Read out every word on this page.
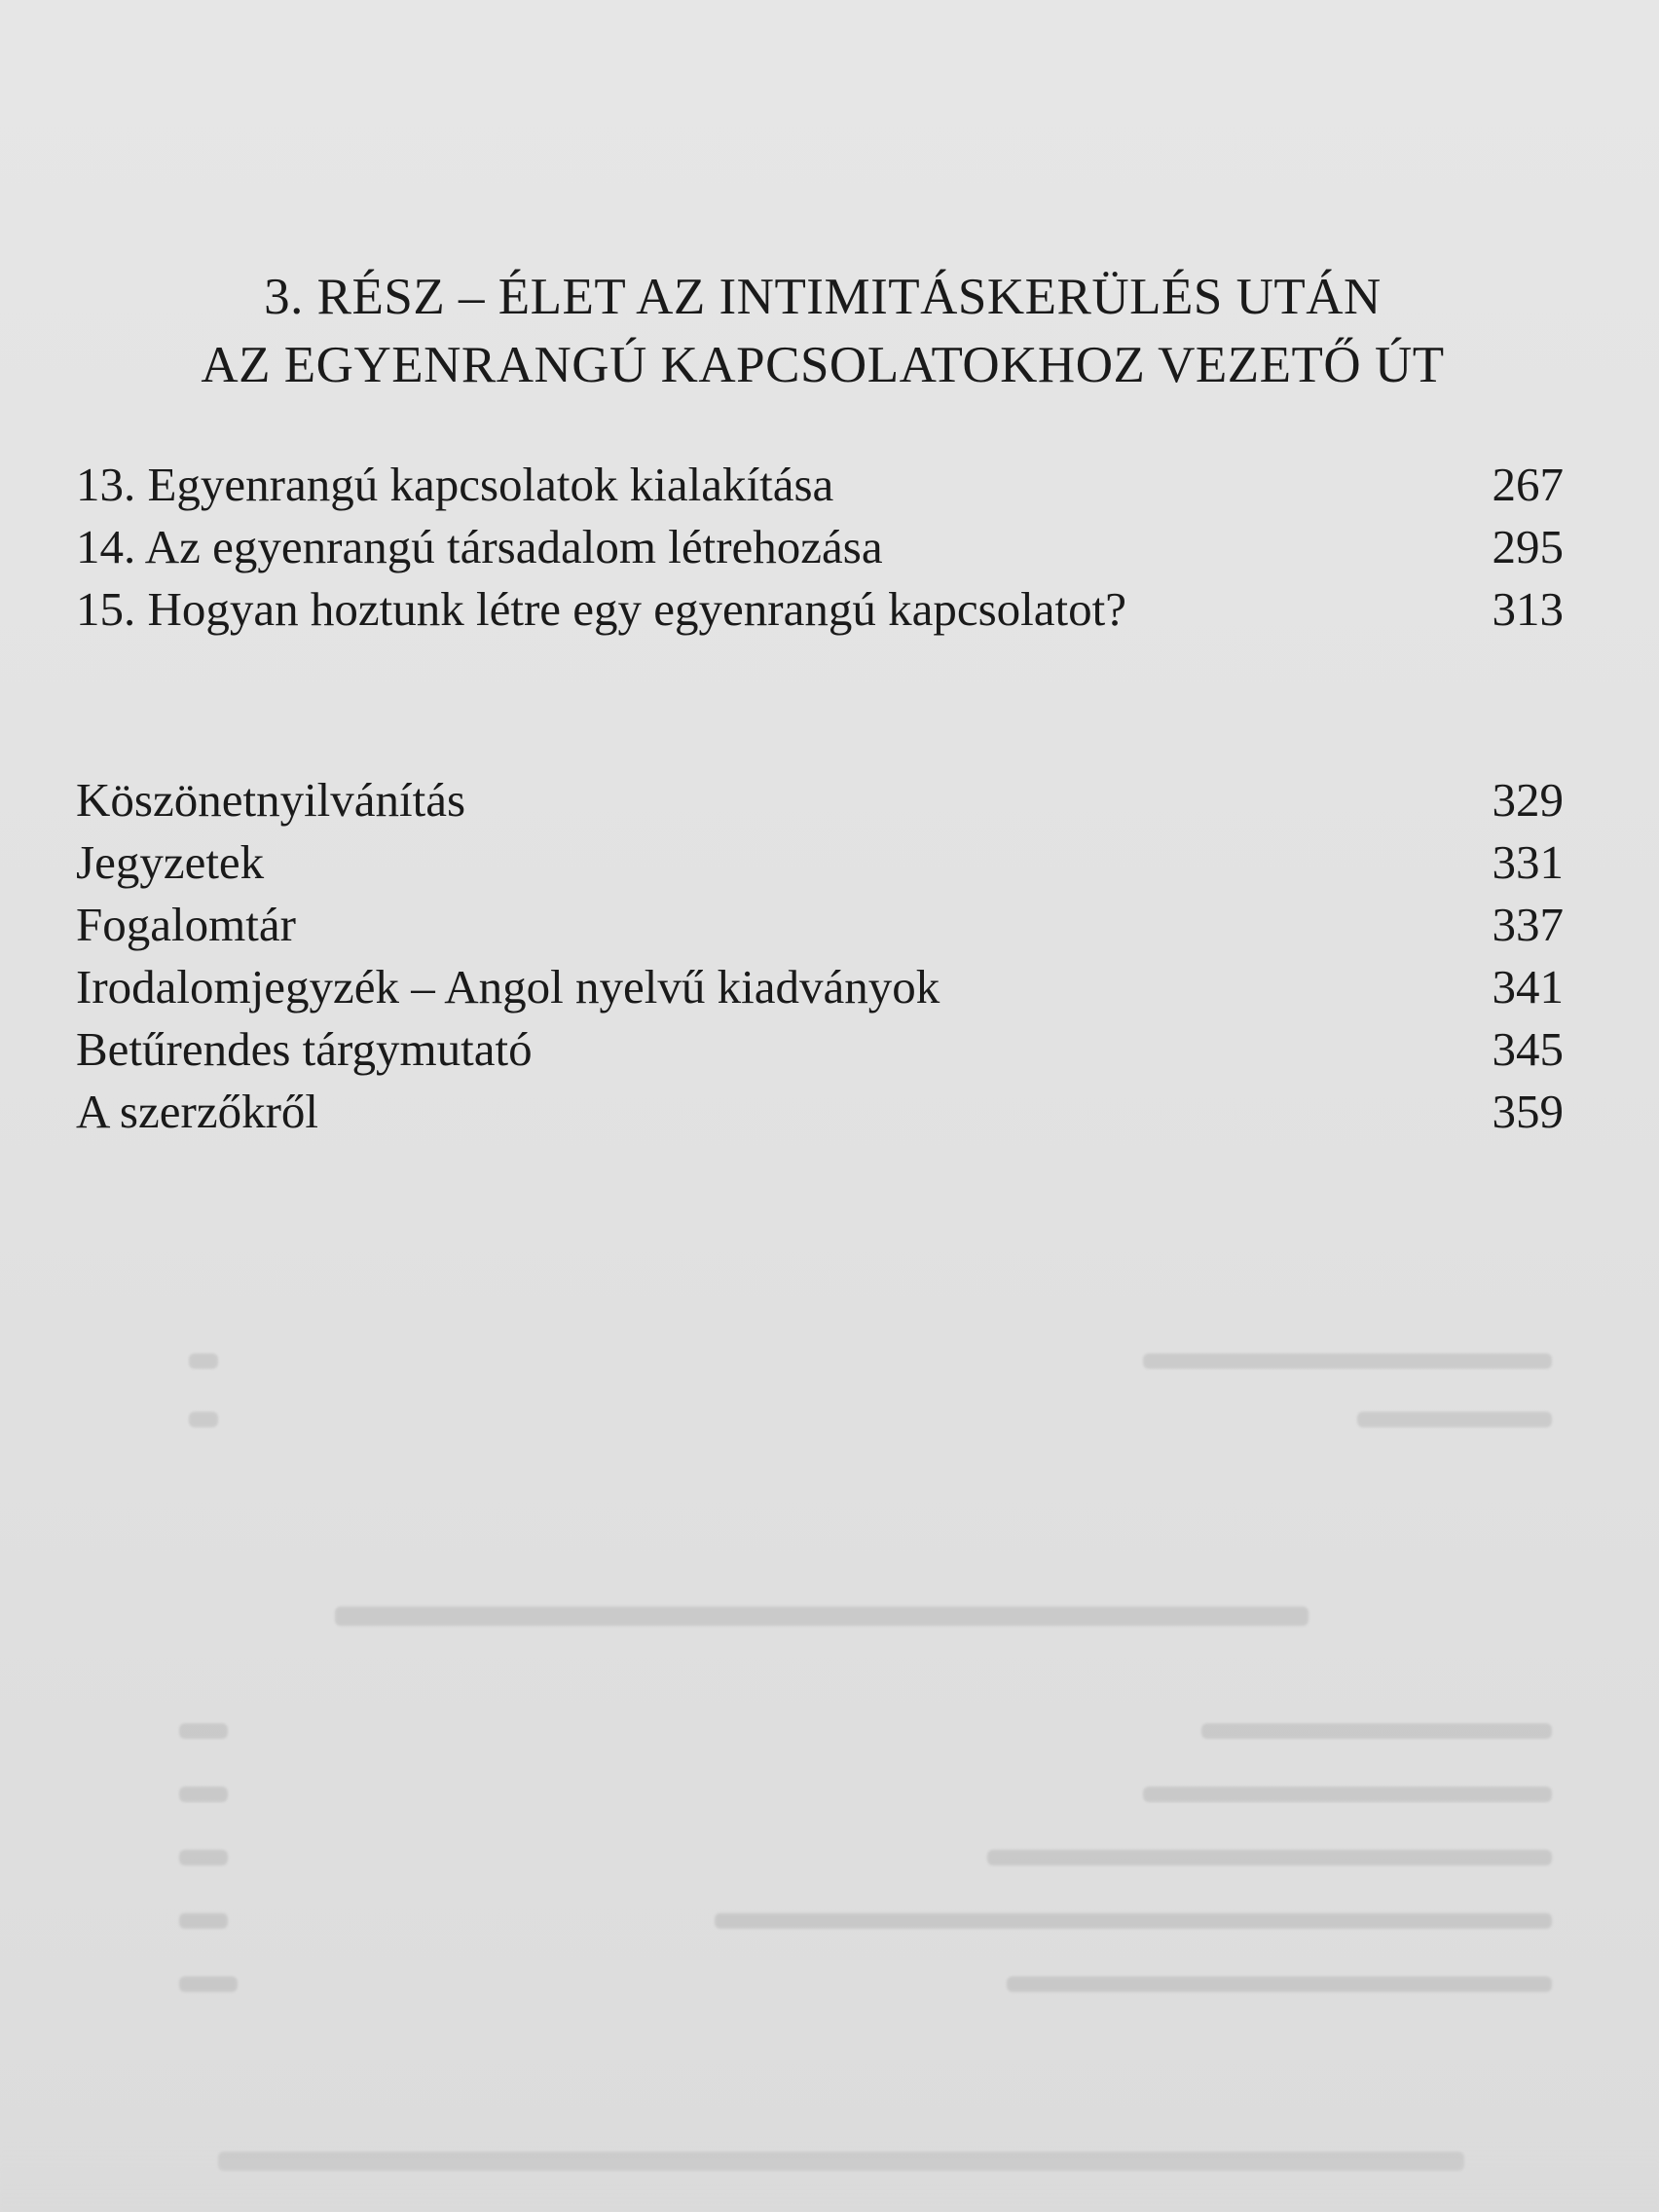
3. RÉSZ – ÉLET AZ INTIMITÁSKERÜLÉS UTÁN
AZ EGYENRANGÚ KAPCSOLATOKHOZ VEZETŐ ÚT
13. Egyenrangú kapcsolatok kialakítása	267
14. Az egyenrangú társadalom létrehozása	295
15. Hogyan hoztunk létre egy egyenrangú kapcsolatot?	313
Köszönetnyilvánítás	329
Jegyzetek	331
Fogalomtár	337
Irodalomjegyzék – Angol nyelvű kiadványok	341
Betűrendes tárgymutató	345
A szerzőkről	359
